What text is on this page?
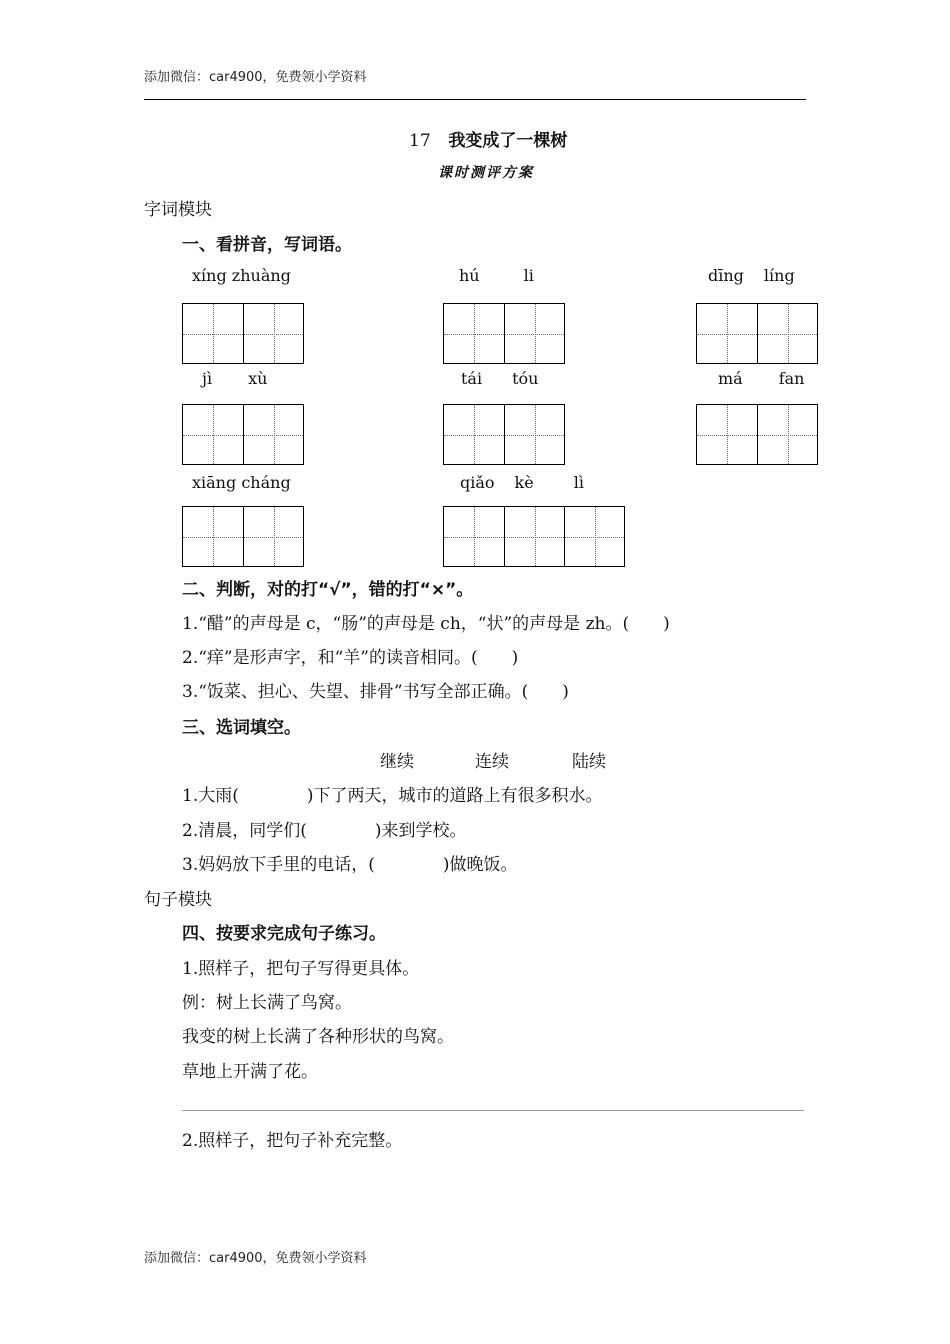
添加微信：car4900，免费领小学资料
17 我变成了一棵树
课时测评方案
字词模块
一、看拼音，写词语。
xíng zhuàng	hú	li	dīng líng
jì xù	tái tóu	má fan
xiāng cháng	qiǎo kè	lì
二、判断，对的打“√”，错的打“×”。
1.“醋”的声母是 c，“肠”的声母是 ch，“状”的声母是 zh。(　　)
2.“痒”是形声字，和“羊”的读音相同。(　　)
3.“饭菜、担心、失望、排骨”书写全部正确。(　　)
三、选词填空。
继续	连续	陆续
1.大雨(　　　　)下了两天，城市的道路上有很多积水。
2.清晨，同学们(　　　　)来到学校。
3.妈妈放下手里的电话，(　　　　)做晚饭。
句子模块
四、按要求完成句子练习。
1.照样子，把句子写得更具体。
例：树上长满了鸟窝。
我变的树上长满了各种形状的鸟窝。
草地上开满了花。
2.照样子，把句子补充完整。
添加微信：car4900，免费领小学资料
